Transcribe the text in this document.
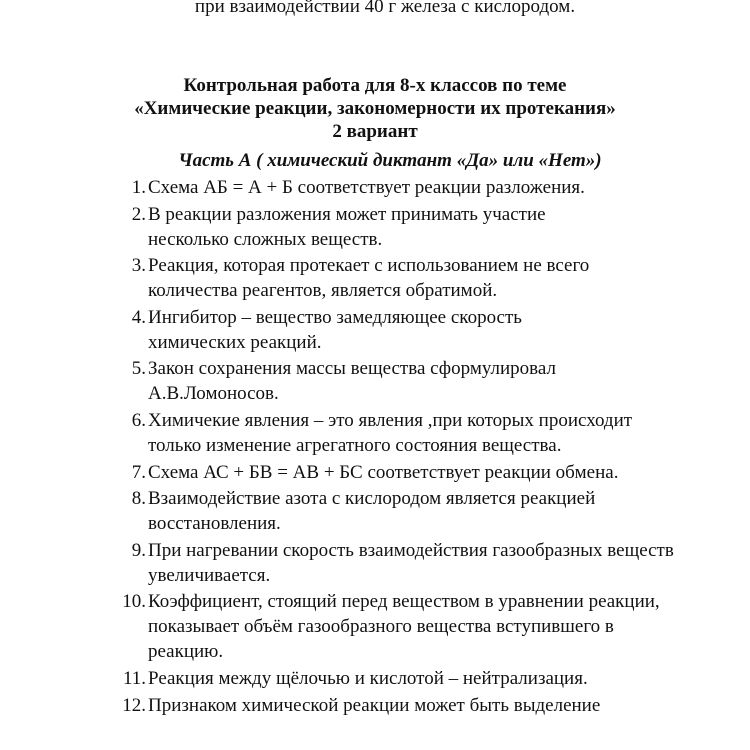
при взаимодействии 40 г железа с кислородом.
Контрольная работа для 8-х классов по теме
«Химические реакции, закономерности их протекания»
2 вариант
Часть А ( химический диктант «Да» или «Нет»)
1. Схема АБ = А + Б соответствует реакции разложения.
2. В реакции разложения может принимать участие несколько сложных веществ.
3. Реакция, которая протекает с использованием не всего количества реагентов, является обратимой.
4. Ингибитор – вещество замедляющее скорость химических реакций.
5. Закон сохранения массы вещества сформулировал А.В.Ломоносов.
6. Химичекие явления – это явления ,при которых происходит только изменение агрегатного состояния вещества.
7. Схема АС + БВ = АВ + БС соответствует реакции обмена.
8. Взаимодействие азота с кислородом является реакцией восстановления.
9. При нагревании скорость взаимодействия газообразных веществ увеличивается.
10. Коэффициент, стоящий перед веществом в уравнении реакции, показывает объём газообразного вещества вступившего в реакцию.
11. Реакция между щёлочью и кислотой – нейтрализация.
12. Признаком химической реакции может быть выделение
